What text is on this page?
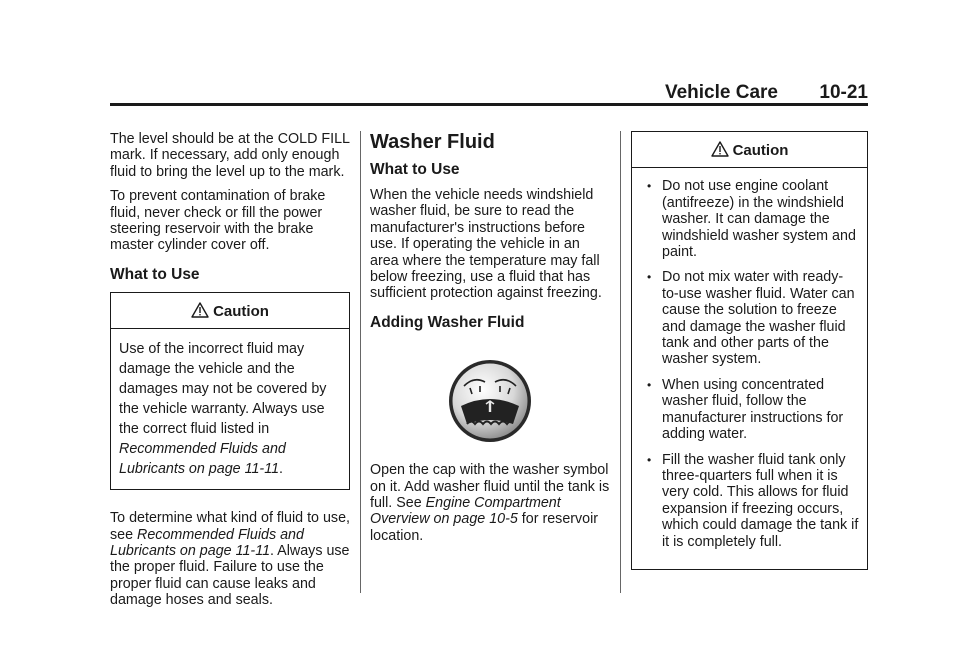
Vehicle Care 10-21

The level should be at the COLD FILL mark. If necessary, add only enough fluid to bring the level up to the mark.

To prevent contamination of brake fluid, never check or fill the power steering reservoir with the brake master cylinder cover off.

What to Use
Caution

Use of the incorrect fluid may damage the vehicle and the damages may not be covered by the vehicle warranty. Always use the correct fluid listed in Recommended Fluids and Lubricants on page 11-11.

To determine what kind of fluid to use, see Recommended Fluids and Lubricants on page 11-11. Always use the proper fluid. Failure to use the proper fluid can cause leaks and damage hoses and seals.

Washer Fluid
What to Use

When the vehicle needs windshield washer fluid, be sure to read the manufacturer's instructions before use. If operating the vehicle in an area where the temperature may fall below freezing, use a fluid that has sufficient protection against freezing.

Adding Washer Fluid

Open the cap with the washer symbol on it. Add washer fluid until the tank is full. See Engine Compartment Overview on page 10-5 for reservoir location.

Caution
• Do not use engine coolant (antifreeze) in the windshield washer. It can damage the windshield washer system and paint.
• Do not mix water with ready-to-use washer fluid. Water can cause the solution to freeze and damage the washer fluid tank and other parts of the washer system.
• When using concentrated washer fluid, follow the manufacturer instructions for adding water.
• Fill the washer fluid tank only three-quarters full when it is very cold. This allows for fluid expansion if freezing occurs, which could damage the tank if it is completely full.
